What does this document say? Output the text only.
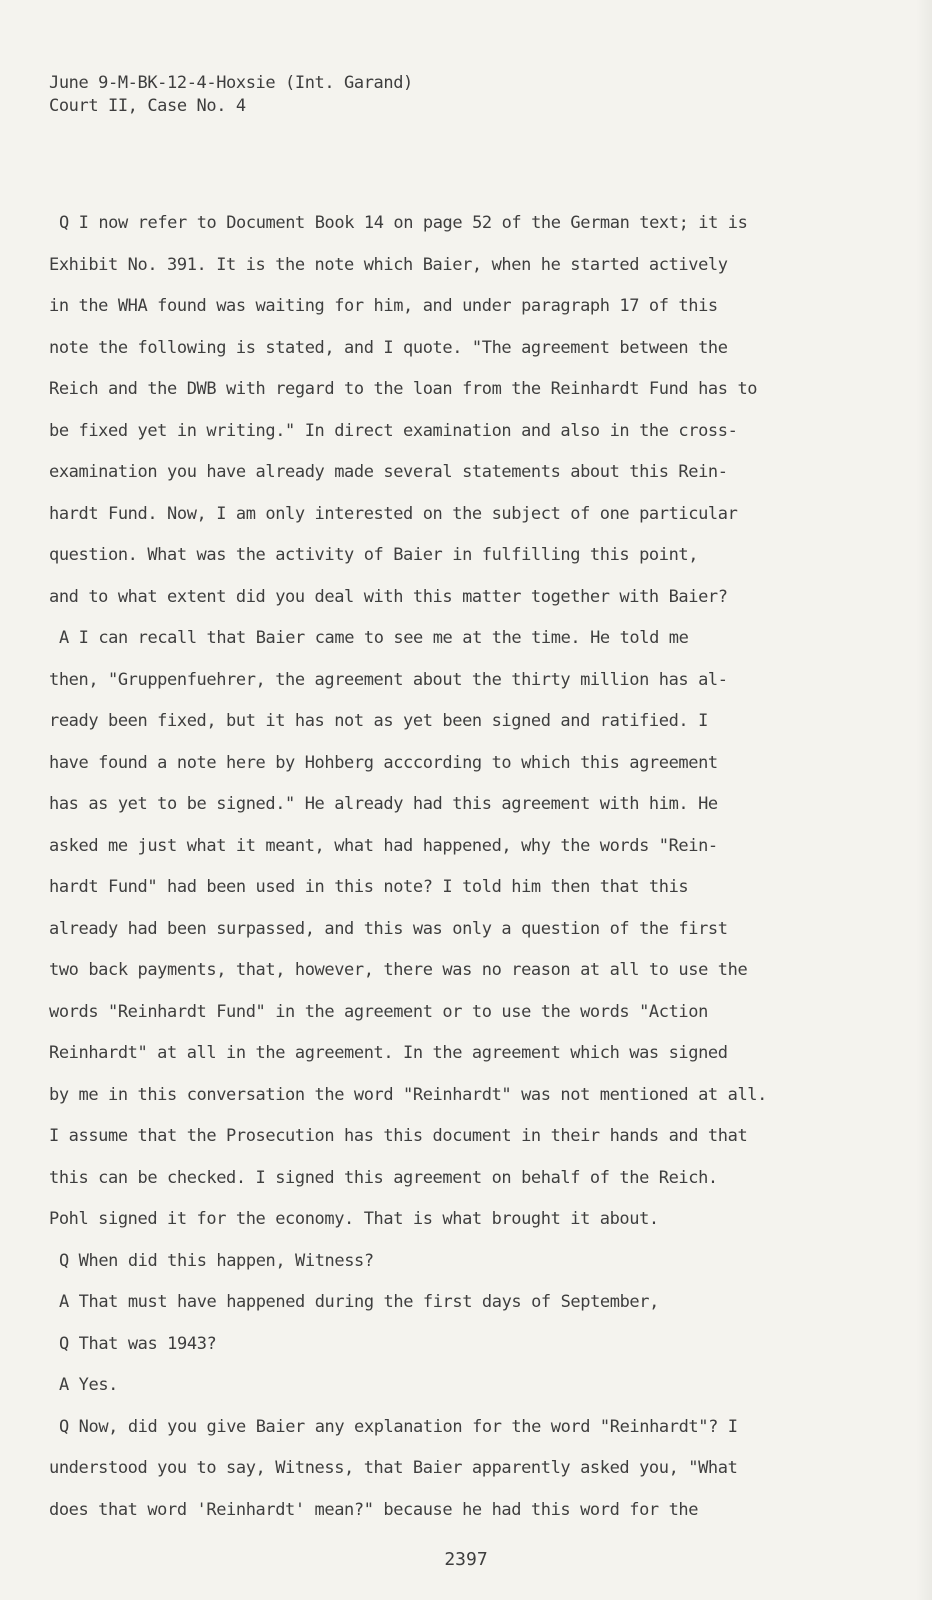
June 9-M-BK-12-4-Hoxsie (Int. Garand)
Court II, Case No. 4
Q I now refer to Document Book 14 on page 52 of the German text; it is
Exhibit No. 391. It is the note which Baier, when he started actively
in the WHA found was waiting for him, and under paragraph 17 of this
note the following is stated, and I quote. "The agreement between the
Reich and the DWB with regard to the loan from the Reinhardt Fund has to
be fixed yet in writing." In direct examination and also in the cross-
examination you have already made several statements about this Rein-
hardt Fund. Now, I am only interested on the subject of one particular
question. What was the activity of Baier in fulfilling this point,
and to what extent did you deal with this matter together with Baier?
A I can recall that Baier came to see me at the time. He told me
then, "Gruppenfuehrer, the agreement about the thirty million has al-
ready been fixed, but it has not as yet been signed and ratified. I
have found a note here by Hohberg acccording to which this agreement
has as yet to be signed." He already had this agreement with him. He
asked me just what it meant, what had happened, why the words "Rein-
hardt Fund" had been used in this note? I told him then that this
already had been surpassed, and this was only a question of the first
two back payments, that, however, there was no reason at all to use the
words "Reinhardt Fund" in the agreement or to use the words "Action
Reinhardt" at all in the agreement. In the agreement which was signed
by me in this conversation the word "Reinhardt" was not mentioned at all.
I assume that the Prosecution has this document in their hands and that
this can be checked. I signed this agreement on behalf of the Reich.
Pohl signed it for the economy. That is what brought it about.
Q When did this happen, Witness?
A That must have happened during the first days of September,
Q That was 1943?
A Yes.
Q Now, did you give Baier any explanation for the word "Reinhardt"? I
understood you to say, Witness, that Baier apparently asked you, "What
does that word 'Reinhardt' mean?" because he had this word for the
2397
